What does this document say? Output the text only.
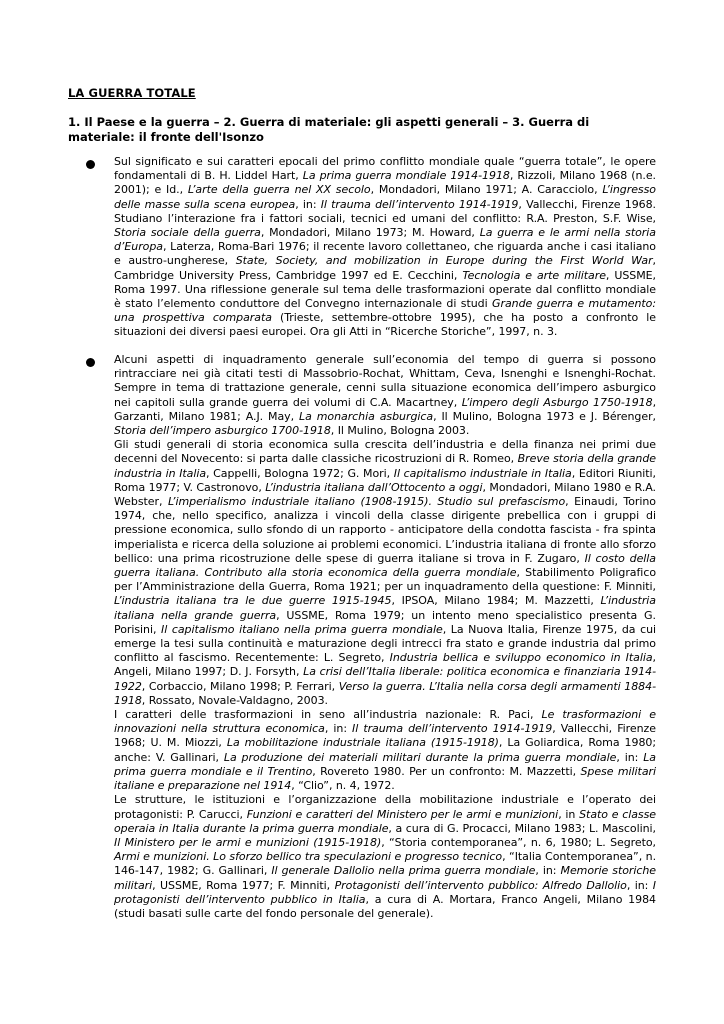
LA GUERRA TOTALE
1. Il Paese e la guerra – 2. Guerra di materiale: gli aspetti generali – 3. Guerra di materiale: il fronte dell'Isonzo

Sul significato e sui caratteri epocali del primo conflitto mondiale quale “guerra totale”, le opere fondamentali di B. H. Liddel Hart, La prima guerra mondiale 1914-1918, Rizzoli, Milano 1968 (n.e. 2001); e Id., L’arte della guerra nel XX secolo, Mondadori, Milano 1971; A. Caracciolo, L’ingresso delle masse sulla scena europea, in: Il trauma dell’intervento 1914-1919, Vallecchi, Firenze 1968. Studiano l’interazione fra i fattori sociali, tecnici ed umani del conflitto: R.A. Preston, S.F. Wise, Storia sociale della guerra, Mondadori, Milano 1973; M. Howard, La guerra e le armi nella storia d’Europa, Laterza, Roma-Bari 1976; il recente lavoro collettaneo, che riguarda anche i casi italiano e austro-ungherese, State, Society, and mobilization in Europe during the First World War, Cambridge University Press, Cambridge 1997 ed E. Cecchini, Tecnologia e arte militare, USSME, Roma 1997. Una riflessione generale sul tema delle trasformazioni operate dal conflitto mondiale è stato l’elemento conduttore del Convegno internazionale di studi Grande guerra e mutamento: una prospettiva comparata (Trieste, settembre-ottobre 1995), che ha posto a confronto le situazioni dei diversi paesi europei. Ora gli Atti in “Ricerche Storiche”, 1997, n. 3.

Alcuni aspetti di inquadramento generale sull’economia del tempo di guerra si possono rintracciare nei già citati testi di Massobrio-Rochat, Whittam, Ceva, Isnenghi e Isnenghi-Rochat. Sempre in tema di trattazione generale, cenni sulla situazione economica dell’impero asburgico nei capitoli sulla grande guerra dei volumi di C.A. Macartney, L’impero degli Asburgo 1750-1918, Garzanti, Milano 1981; A.J. May, La monarchia asburgica, Il Mulino, Bologna 1973 e J. Bérenger, Storia dell’impero asburgico 1700-1918, Il Mulino, Bologna 2003.

Gli studi generali di storia economica sulla crescita dell’industria e della finanza nei primi due decenni del Novecento: si parta dalle classiche ricostruzioni di R. Romeo, Breve storia della grande industria in Italia, Cappelli, Bologna 1972; G. Mori, Il capitalismo industriale in Italia, Editori Riuniti, Roma 1977; V. Castronovo, L’industria italiana dall’Ottocento a oggi, Mondadori, Milano 1980 e R.A. Webster, L’imperialismo industriale italiano (1908-1915). Studio sul prefascismo, Einaudi, Torino 1974, che, nello specifico, analizza i vincoli della classe dirigente prebellica con i gruppi di pressione economica, sullo sfondo di un rapporto - anticipatore della condotta fascista - fra spinta imperialista e ricerca della soluzione ai problemi economici. L’industria italiana di fronte allo sforzo bellico: una prima ricostruzione delle spese di guerra italiane si trova in F. Zugaro, Il costo della guerra italiana. Contributo alla storia economica della guerra mondiale, Stabilimento Poligrafico per l’Amministrazione della Guerra, Roma 1921; per un inquadramento della questione: F. Minniti, L’industria italiana tra le due guerre 1915-1945, IPSOA, Milano 1984; M. Mazzetti, L’industria italiana nella grande guerra, USSME, Roma 1979; un intento meno specialistico presenta G. Porisini, Il capitalismo italiano nella prima guerra mondiale, La Nuova Italia, Firenze 1975, da cui emerge la tesi sulla continuità e maturazione degli intrecci fra stato e grande industria dal primo conflitto al fascismo. Recentemente: L. Segreto, Industria bellica e sviluppo economico in Italia, Angeli, Milano 1997; D. J. Forsyth, La crisi dell’Italia liberale: politica economica e finanziaria 1914-1922, Corbaccio, Milano 1998; P. Ferrari, Verso la guerra. L’Italia nella corsa degli armamenti 1884-1918, Rossato, Novale-Valdagno, 2003.

I caratteri delle trasformazioni in seno all’industria nazionale: R. Paci, Le trasformazioni e innovazioni nella struttura economica, in: Il trauma dell’intervento 1914-1919, Vallecchi, Firenze 1968; U. M. Miozzi, La mobilitazione industriale italiana (1915-1918), La Goliardica, Roma 1980; anche: V. Gallinari, La produzione dei materiali militari durante la prima guerra mondiale, in: La prima guerra mondiale e il Trentino, Rovereto 1980. Per un confronto: M. Mazzetti, Spese militari italiane e preparazione nel 1914, “Clio”, n. 4, 1972.

Le strutture, le istituzioni e l’organizzazione della mobilitazione industriale e l’operato dei protagonisti: P. Carucci, Funzioni e caratteri del Ministero per le armi e munizioni, in Stato e classe operaia in Italia durante la prima guerra mondiale, a cura di G. Procacci, Milano 1983; L. Mascolini, Il Ministero per le armi e munizioni (1915-1918), “Storia contemporanea”, n. 6, 1980; L. Segreto, Armi e munizioni. Lo sforzo bellico tra speculazioni e progresso tecnico, “Italia Contemporanea”, n. 146-147, 1982; G. Gallinari, Il generale Dallolio nella prima guerra mondiale, in: Memorie storiche militari, USSME, Roma 1977; F. Minniti, Protagonisti dell’intervento pubblico: Alfredo Dallolio, in: I protagonisti dell’intervento pubblico in Italia, a cura di A. Mortara, Franco Angeli, Milano 1984 (studi basati sulle carte del fondo personale del generale).
